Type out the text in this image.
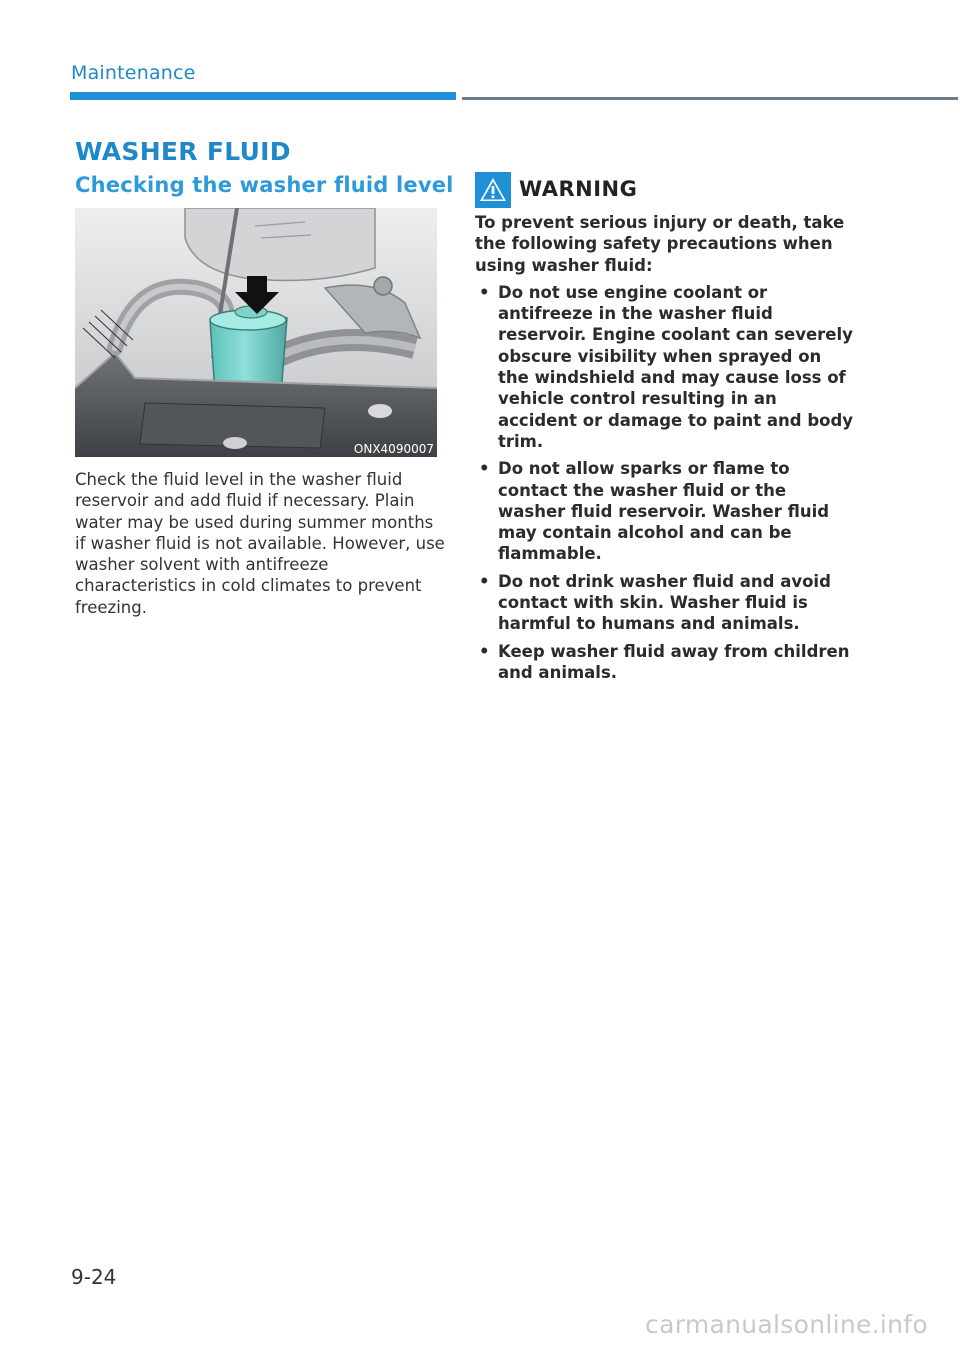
Maintenance
WASHER FLUID
Checking the washer fluid level
ONX4090007

Check the fluid level in the washer fluid reservoir and add fluid if necessary. Plain water may be used during summer months if washer fluid is not available. However, use washer solvent with antifreeze characteristics in cold climates to prevent freezing.

WARNING

To prevent serious injury or death, take the following safety precautions when using washer fluid:

• Do not use engine coolant or antifreeze in the washer fluid reservoir. Engine coolant can severely obscure visibility when sprayed on the windshield and may cause loss of vehicle control resulting in an accident or damage to paint and body trim.
• Do not allow sparks or flame to contact the washer fluid or the washer fluid reservoir. Washer fluid may contain alcohol and can be flammable.
• Do not drink washer fluid and avoid contact with skin. Washer fluid is harmful to humans and animals.
• Keep washer fluid away from children and animals.
9-24
carmanualsonline.info
